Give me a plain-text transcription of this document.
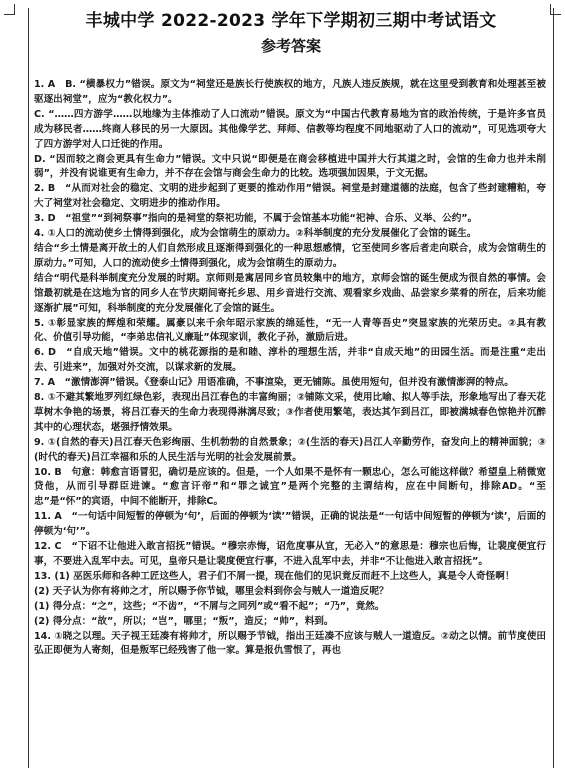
丰城中学 2022-2023 学年下学期初三期中考试语文
参考答案

1. A　B. “横暴权力”错误。原文为“祠堂还是族长行使族权的地方，凡族人违反族规，就在这里受到教育和处理甚至被驱逐出祠堂”，应为“教化权力”。

C. “……四方游学……以地缘为主体推动了人口流动”错误。原文为“中国古代教育易地为官的政治传统，于是许多官员成为移民者……终商人移民的另一大原因。其他像学艺、拜师、信教等均程度不同地驱动了人口的流动”，可见选项夸大了四方游学对人口迁徙的作用。

D. “因而较之商会更具有生命力”错误。文中只说“即便是在商会移植进中国并大行其道之时，会馆的生命力也并未削弱”，并没有说谁更有生命力，并不存在会馆与商会生命力的比较。选项强加因果，于文无据。

2. B　“从而对社会的稳定、文明的进步起到了更要的推动作用”错误。祠堂是封建道德的法庭，包含了些封建糟粕，夸大了祠堂对社会稳定、文明进步的推动作用。

3. D　“祖堂”“到祠祭事”指向的是祠堂的祭祀功能，不属于会馆基本功能“祀神、合乐、义举、公约”。

4. ①人口的流动使乡土情得到强化，成为会馆萌生的原动力。②科举制度的充分发展催化了会馆的诞生。

结合“乡土情是离开故土的人们自然形成且逐渐得到强化的一种思想感情，它至使同乡客后者走向联合，成为会馆萌生的原动力。”可知，人口的流动使乡土情得到强化，成为会馆萌生的原动力。

结合“明代是科举制度充分发展的时期。京师则是寓居同乡官员较集中的地方，京师会馆的诞生便成为很自然的事情。会馆最初就是在这地为官的同乡人在节庆期间寄托乡思、用乡音进行交流、观看家乡戏曲、品尝家乡菜肴的所在，后来功能逐渐扩展”可知，科举制度的充分发展催化了会馆的诞生。

5. ①彰显家族的辉煌和荣耀。属豪以来千余年昭示家族的绵延性，“无一人青等吾史”突显家族的光荣历史。②具有教化、价值引导功能，“李弟忠信礼义廉耻”体现家训，教化子孙，激励后进。

6. D　“自成天地”错误。文中的桃花源指的是和睦、淳朴的理想生活，并非“自成天地”的田园生活。而是注重“走出去、引进来”，加强对外交流，以谋求新的发展。

7. A　“激情澎湃”错误。《登泰山记》用语准确，不事渲染，更无铺陈。虽使用短句，但并没有激情澎湃的特点。

8. ①不避其繁地罗列红绿色彩，表现出吕江春色的丰富绚丽；②铺陈文采，使用比喻、拟人等手法，形象地写出了春天花草树木争艳的场景，将吕江春天的生命力表现得淋漓尽致；③作者使用繁笔，表达其乍到吕江，即被满城春色惊艳并沉醉其中的心理状态，堪强抒情效果。

9. ①(自然的春天)吕江春天色彩绚丽、生机勃勃的自然景象；②(生活的春天)吕江人辛勤劳作，奋发向上的精神面貌；③(时代的春天)吕江幸福和乐的人民生活与光明的社会发展前景。

10. B　句意：韩愈言语冒犯，确切是应该的。但是，一个人如果不是怀有一颗忠心，怎么可能这样做？希望皇上稍微宽贷他，从而引导群臣进谏。“愈言讦帝”和“罪之诚宜”是两个完整的主谓结构，应在中间断句，排除AD。“至忠”是“怀”的宾语，中间不能断开，排除C。

11. A　“一句话中间短暂的停顿为‘句’，后面的停顿为‘读’”错误，正确的说法是“一句话中间短暂的停顿为‘读’，后面的停顿为‘句’”。

12. C　“下诏不让他进入敢言招抚”错误。“穆宗赤悔，诏危度事从宜，无必入”的意思是：穆宗也后悔，让裴度便宜行事，不要进入乱军中去。可见，皇帝只是让裴度便宜行事，不进入乱军中去，并非“不让他进入敢言招抚”。

13. (1) 巫医乐师和各种工匠这些人，君子们不屑一提，现在他们的见识竟反而赶不上这些人，真是令人奇怪啊！

(2) 天子认为你有将帅之才，所以赐予你节钺，哪里会料到你会与贼人一道造反呢？

(1) 得分点：“之”，这些；“不齿”，“不屑与之同列”或“看不起”；“乃”，竟然。

(2) 得分点：“故”，所以；“岂”，哪里；“叛”，造反；“帅”，料到。

14. ①晓之以理。天子视王廷凑有将帅才，所以赐予节钺，指出王廷凑不应该与贼人一道造反。②动之以情。前节度使田弘正即便为人寄刻，但是叛军已经残害了他一家。算是报仇雪恨了，再也
